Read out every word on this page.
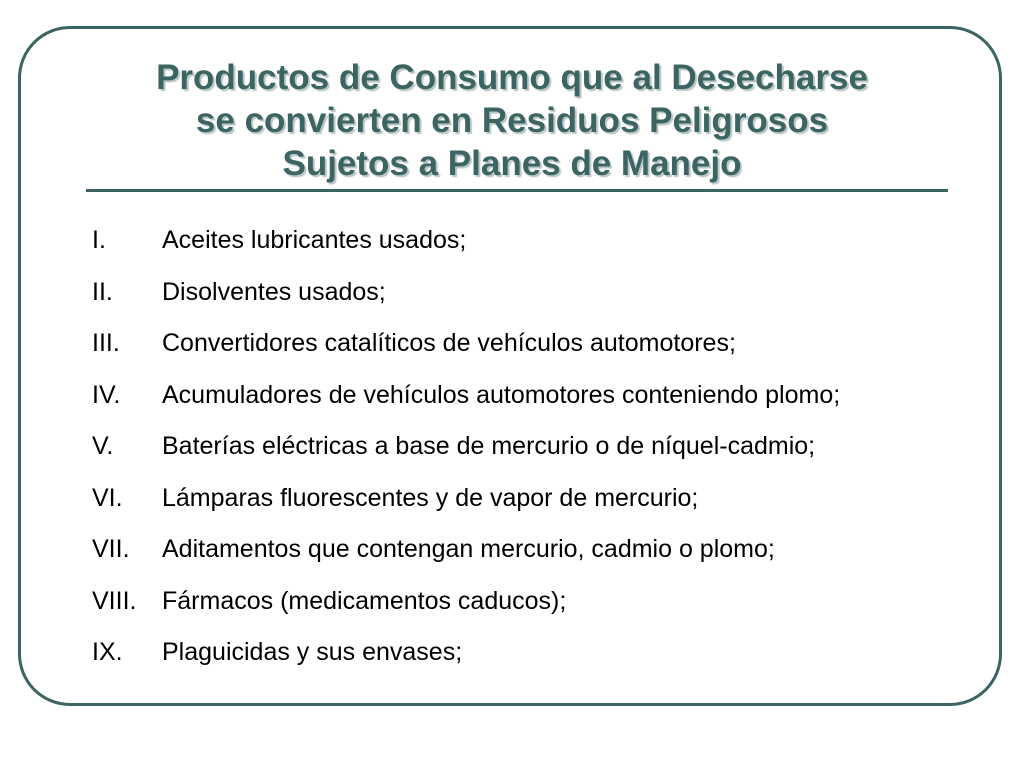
Productos de Consumo que al Desecharse
se convierten en Residuos Peligrosos
Sujetos a Planes de Manejo
I.	Aceites lubricantes usados;
II.	Disolventes usados;
III.	Convertidores catalíticos de vehículos automotores;
IV.	Acumuladores de vehículos automotores conteniendo plomo;
V.	Baterías eléctricas a base de mercurio o de níquel-cadmio;
VI.	Lámparas fluorescentes y de vapor de mercurio;
VII.	Aditamentos que contengan mercurio, cadmio o plomo;
VIII.	Fármacos (medicamentos caducos);
IX.	Plaguicidas y sus envases;
